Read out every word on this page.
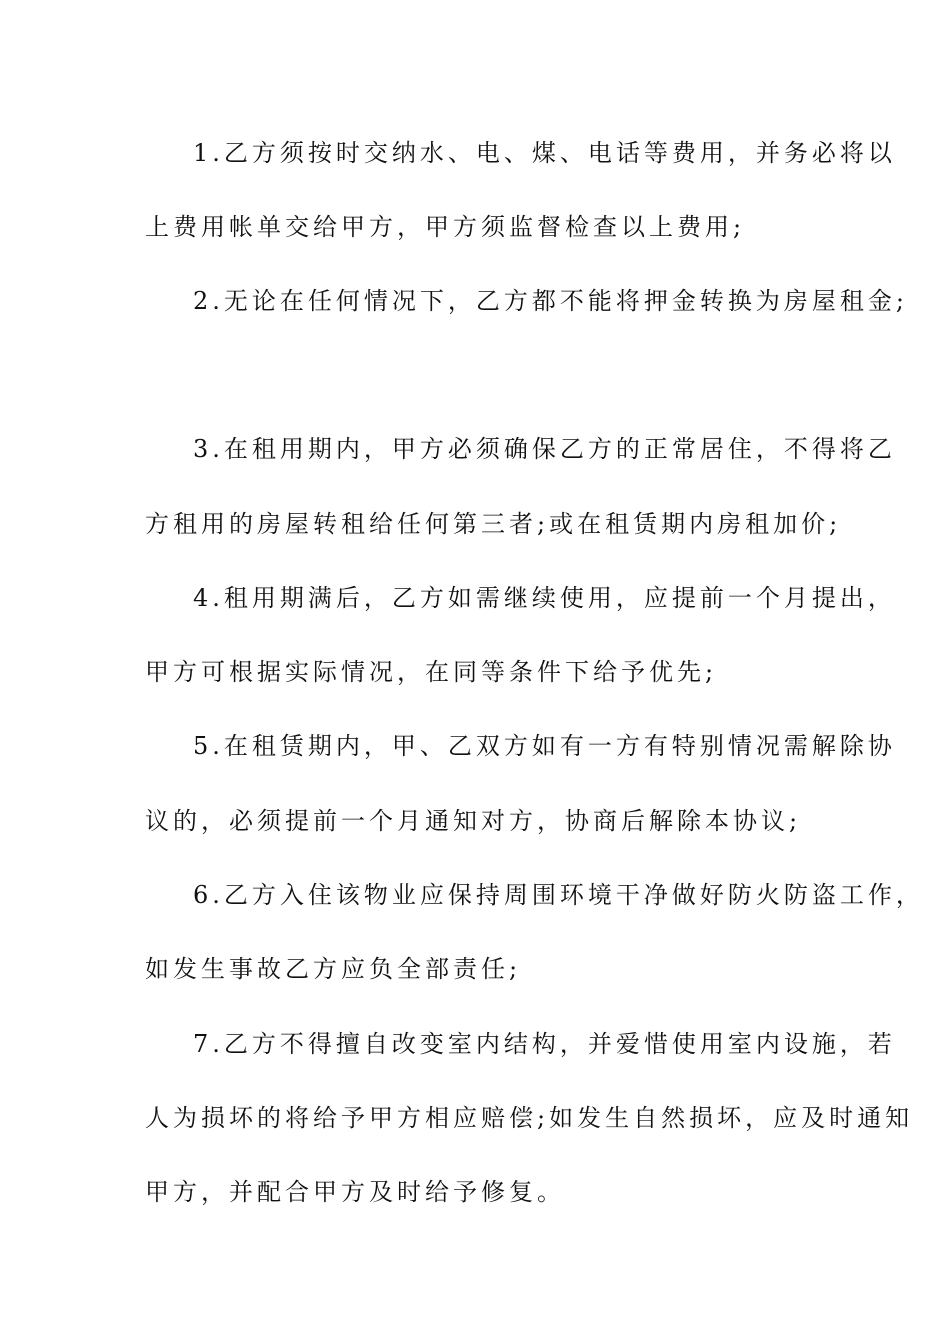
1.乙方须按时交纳水、电、煤、电话等费用，并务必将以
上费用帐单交给甲方，甲方须监督检查以上费用;
2.无论在任何情况下，乙方都不能将押金转换为房屋租金;
3.在租用期内，甲方必须确保乙方的正常居住，不得将乙
方租用的房屋转租给任何第三者;或在租赁期内房租加价;
4.租用期满后，乙方如需继续使用，应提前一个月提出，
甲方可根据实际情况，在同等条件下给予优先;
5.在租赁期内，甲、乙双方如有一方有特别情况需解除协
议的，必须提前一个月通知对方，协商后解除本协议;
6.乙方入住该物业应保持周围环境干净做好防火防盗工作，
如发生事故乙方应负全部责任;
7.乙方不得擅自改变室内结构，并爱惜使用室内设施，若
人为损坏的将给予甲方相应赔偿;如发生自然损坏，应及时通知
甲方，并配合甲方及时给予修复。
